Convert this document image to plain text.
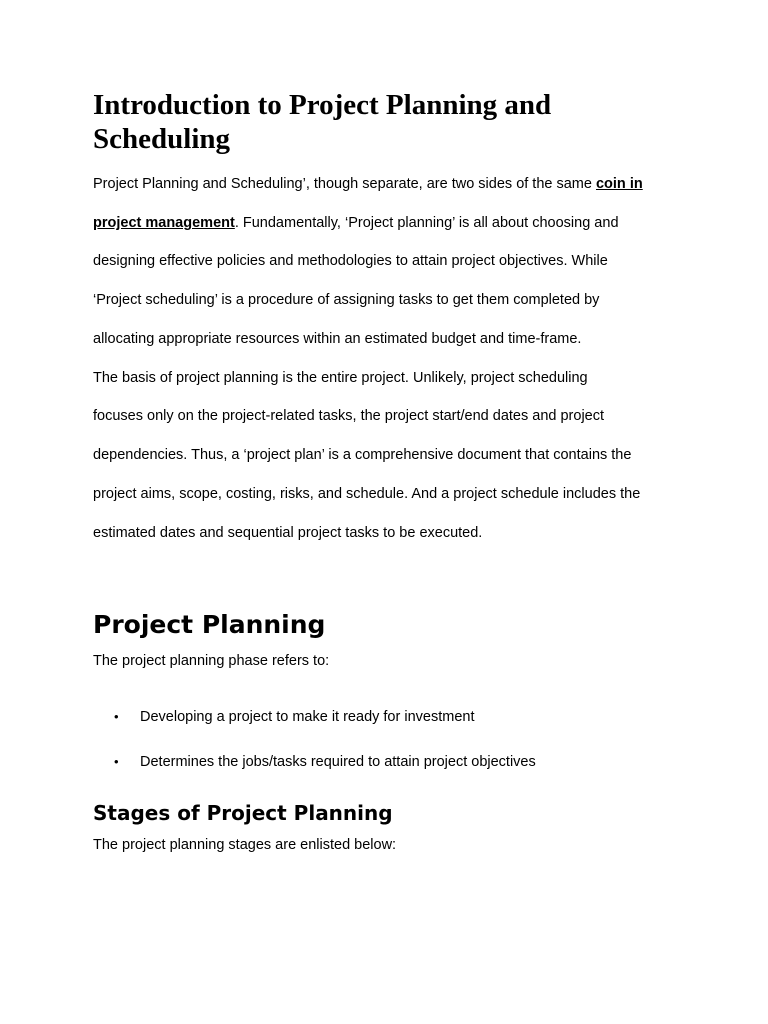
Introduction to Project Planning and Scheduling

Project Planning and Scheduling’, though separate, are two sides of the same coin in

project management. Fundamentally, ‘Project planning’ is all about choosing and

designing effective policies and methodologies to attain project objectives. While

‘Project scheduling’ is a procedure of assigning tasks to get them completed by

allocating appropriate resources within an estimated budget and time-frame.

The basis of project planning is the entire project. Unlikely, project scheduling

focuses only on the project-related tasks, the project start/end dates and project

dependencies. Thus, a ‘project plan’ is a comprehensive document that contains the

project aims, scope, costing, risks, and schedule. And a project schedule includes the

estimated dates and sequential project tasks to be executed.

Project Planning

The project planning phase refers to:

• Developing a project to make it ready for investment
• Determines the jobs/tasks required to attain project objectives
Stages of Project Planning

The project planning stages are enlisted below:
